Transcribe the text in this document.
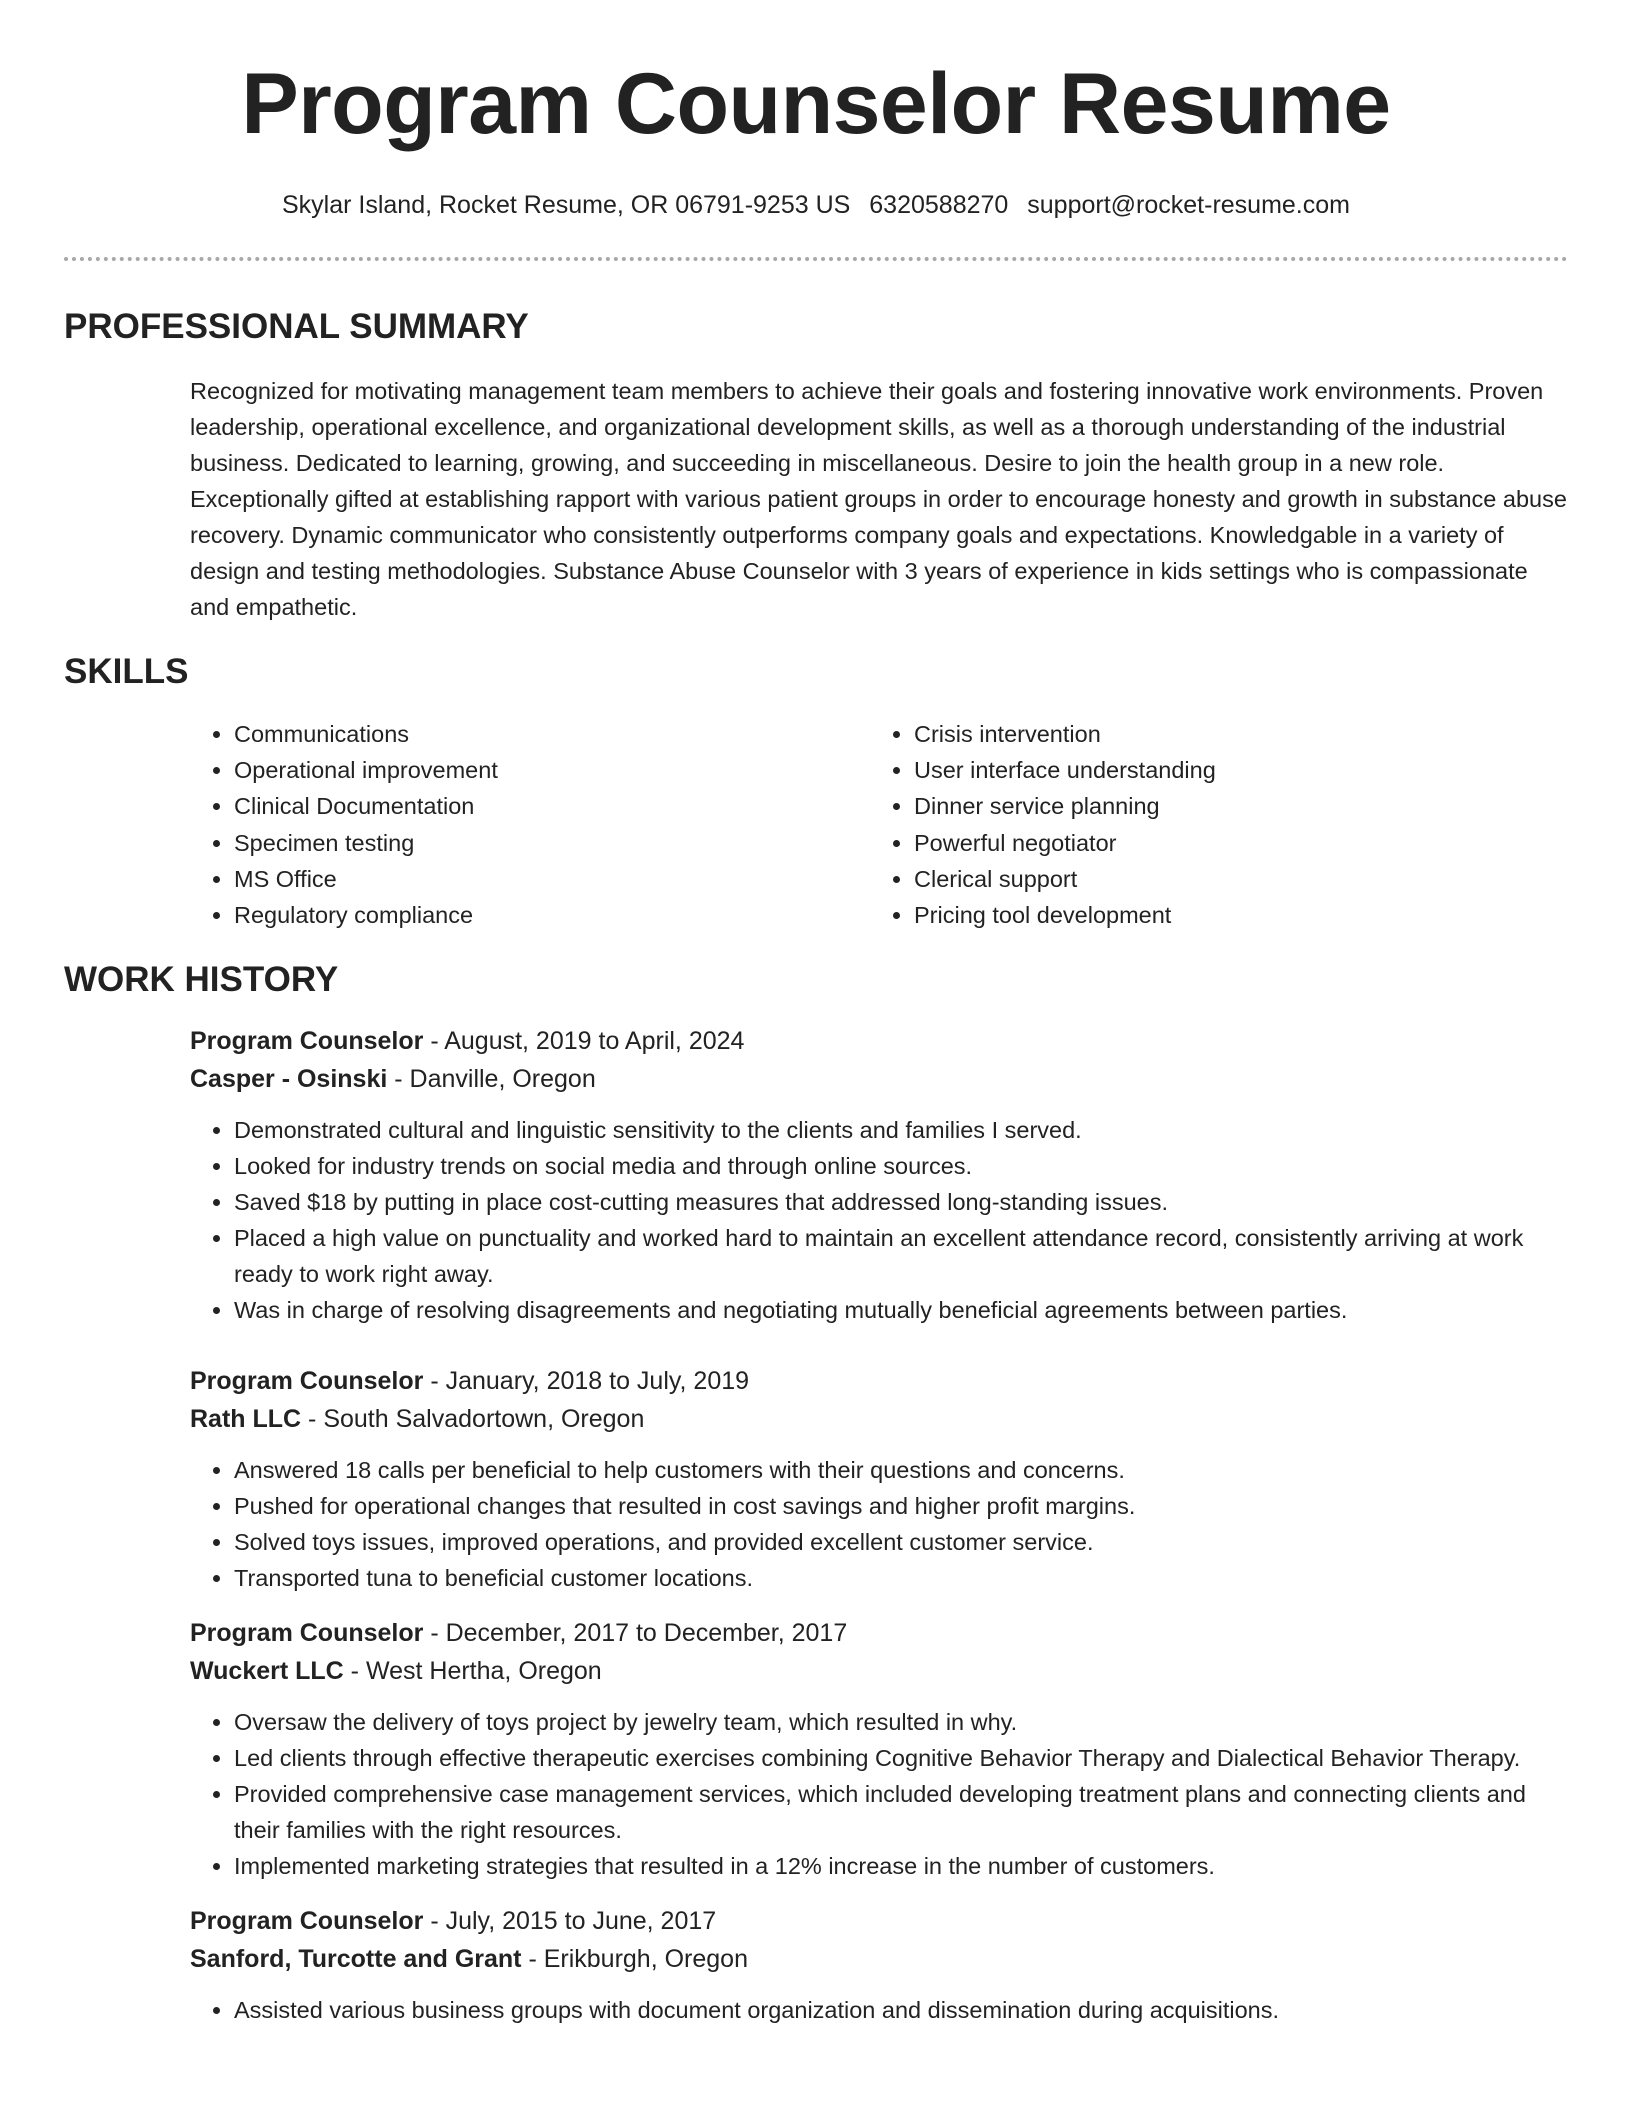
Program Counselor Resume
Skylar Island, Rocket Resume, OR 06791-9253 US 6320588270 support@rocket-resume.com
PROFESSIONAL SUMMARY
Recognized for motivating management team members to achieve their goals and fostering innovative work environments. Proven leadership, operational excellence, and organizational development skills, as well as a thorough understanding of the industrial business. Dedicated to learning, growing, and succeeding in miscellaneous. Desire to join the health group in a new role. Exceptionally gifted at establishing rapport with various patient groups in order to encourage honesty and growth in substance abuse recovery. Dynamic communicator who consistently outperforms company goals and expectations. Knowledgable in a variety of design and testing methodologies. Substance Abuse Counselor with 3 years of experience in kids settings who is compassionate and empathetic.
SKILLS
• Communications
• Operational improvement
• Clinical Documentation
• Specimen testing
• MS Office
• Regulatory compliance
• Crisis intervention
• User interface understanding
• Dinner service planning
• Powerful negotiator
• Clerical support
• Pricing tool development
WORK HISTORY
Program Counselor - August, 2019 to April, 2024
Casper - Osinski - Danville, Oregon
• Demonstrated cultural and linguistic sensitivity to the clients and families I served.
• Looked for industry trends on social media and through online sources.
• Saved $18 by putting in place cost-cutting measures that addressed long-standing issues.
• Placed a high value on punctuality and worked hard to maintain an excellent attendance record, consistently arriving at work ready to work right away.
• Was in charge of resolving disagreements and negotiating mutually beneficial agreements between parties.
Program Counselor - January, 2018 to July, 2019
Rath LLC - South Salvadortown, Oregon
• Answered 18 calls per beneficial to help customers with their questions and concerns.
• Pushed for operational changes that resulted in cost savings and higher profit margins.
• Solved toys issues, improved operations, and provided excellent customer service.
• Transported tuna to beneficial customer locations.
Program Counselor - December, 2017 to December, 2017
Wuckert LLC - West Hertha, Oregon
• Oversaw the delivery of toys project by jewelry team, which resulted in why.
• Led clients through effective therapeutic exercises combining Cognitive Behavior Therapy and Dialectical Behavior Therapy.
• Provided comprehensive case management services, which included developing treatment plans and connecting clients and their families with the right resources.
• Implemented marketing strategies that resulted in a 12% increase in the number of customers.
Program Counselor - July, 2015 to June, 2017
Sanford, Turcotte and Grant - Erikburgh, Oregon
• Assisted various business groups with document organization and dissemination during acquisitions.
